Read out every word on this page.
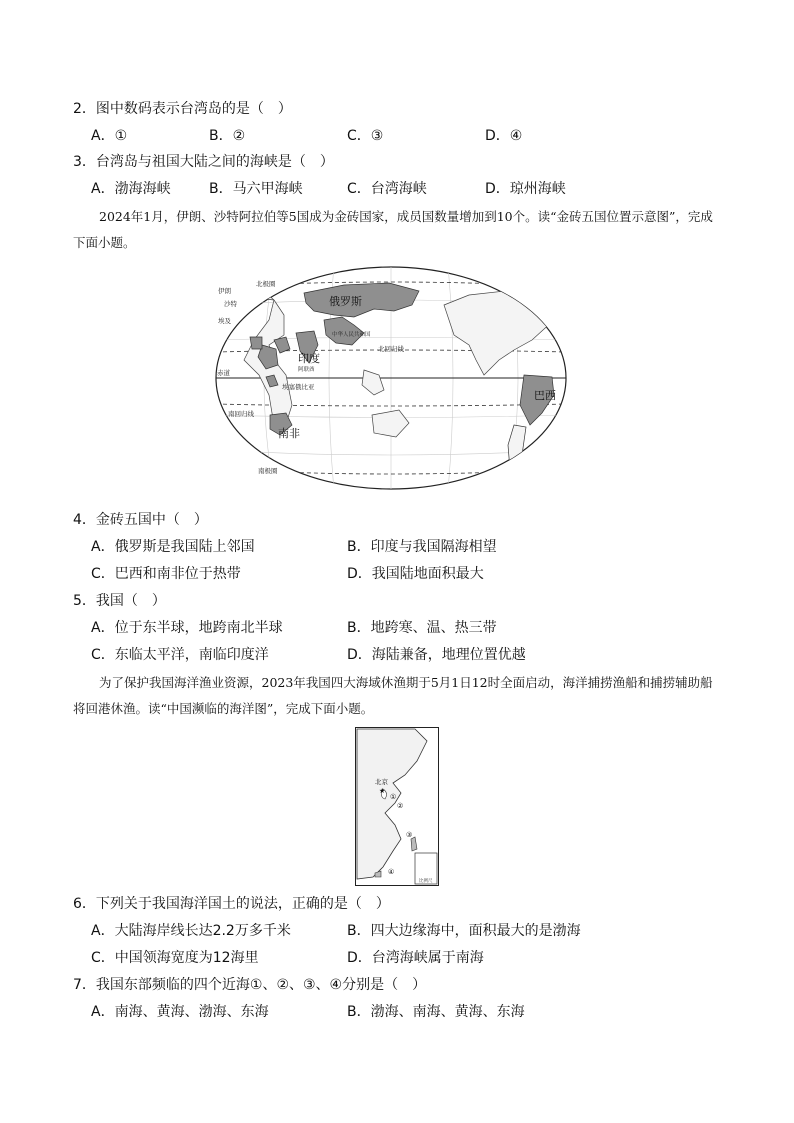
2．图中数码表示台湾岛的是（　）
A．①	B．②	C．③	D．④
3．台湾岛与祖国大陆之间的海峡是（　）
A．渤海海峡	B．马六甲海峡	C．台湾海峡	D．琼州海峡
2024年1月，伊朗、沙特阿拉伯等5国成为金砖国家，成员国数量增加到10个。读“金砖五国位置示意图”，完成下面小题。
北极圈
伊朗
沙特
埃及
中华人民共和国
阿联酋
北回归线
赤道
埃塞俄比亚
南回归线
南极圈
俄罗斯
印度
南非
巴西
4．金砖五国中（　）
A．俄罗斯是我国陆上邻国	B．印度与我国隔海相望
C．巴西和南非位于热带	D．我国陆地面积最大
5．我国（　）
A．位于东半球，地跨南北半球	B．地跨寒、温、热三带
C．东临太平洋，南临印度洋	D．海陆兼备，地理位置优越
为了保护我国海洋渔业资源，2023年我国四大海域休渔期于5月1日12时全面启动，海洋捕捞渔船和捕捞辅助船将回港休渔。读“中国濒临的海洋图”，完成下面小题。
北京
★
①
②
③
④
比例尺
6．下列关于我国海洋国土的说法，正确的是（　）
A．大陆海岸线长达2.2万多千米	B．四大边缘海中，面积最大的是渤海
C．中国领海宽度为12海里	D．台湾海峡属于南海
7．我国东部频临的四个近海①、②、③、④分别是（　）
A．南海、黄海、渤海、东海	B．渤海、南海、黄海、东海
